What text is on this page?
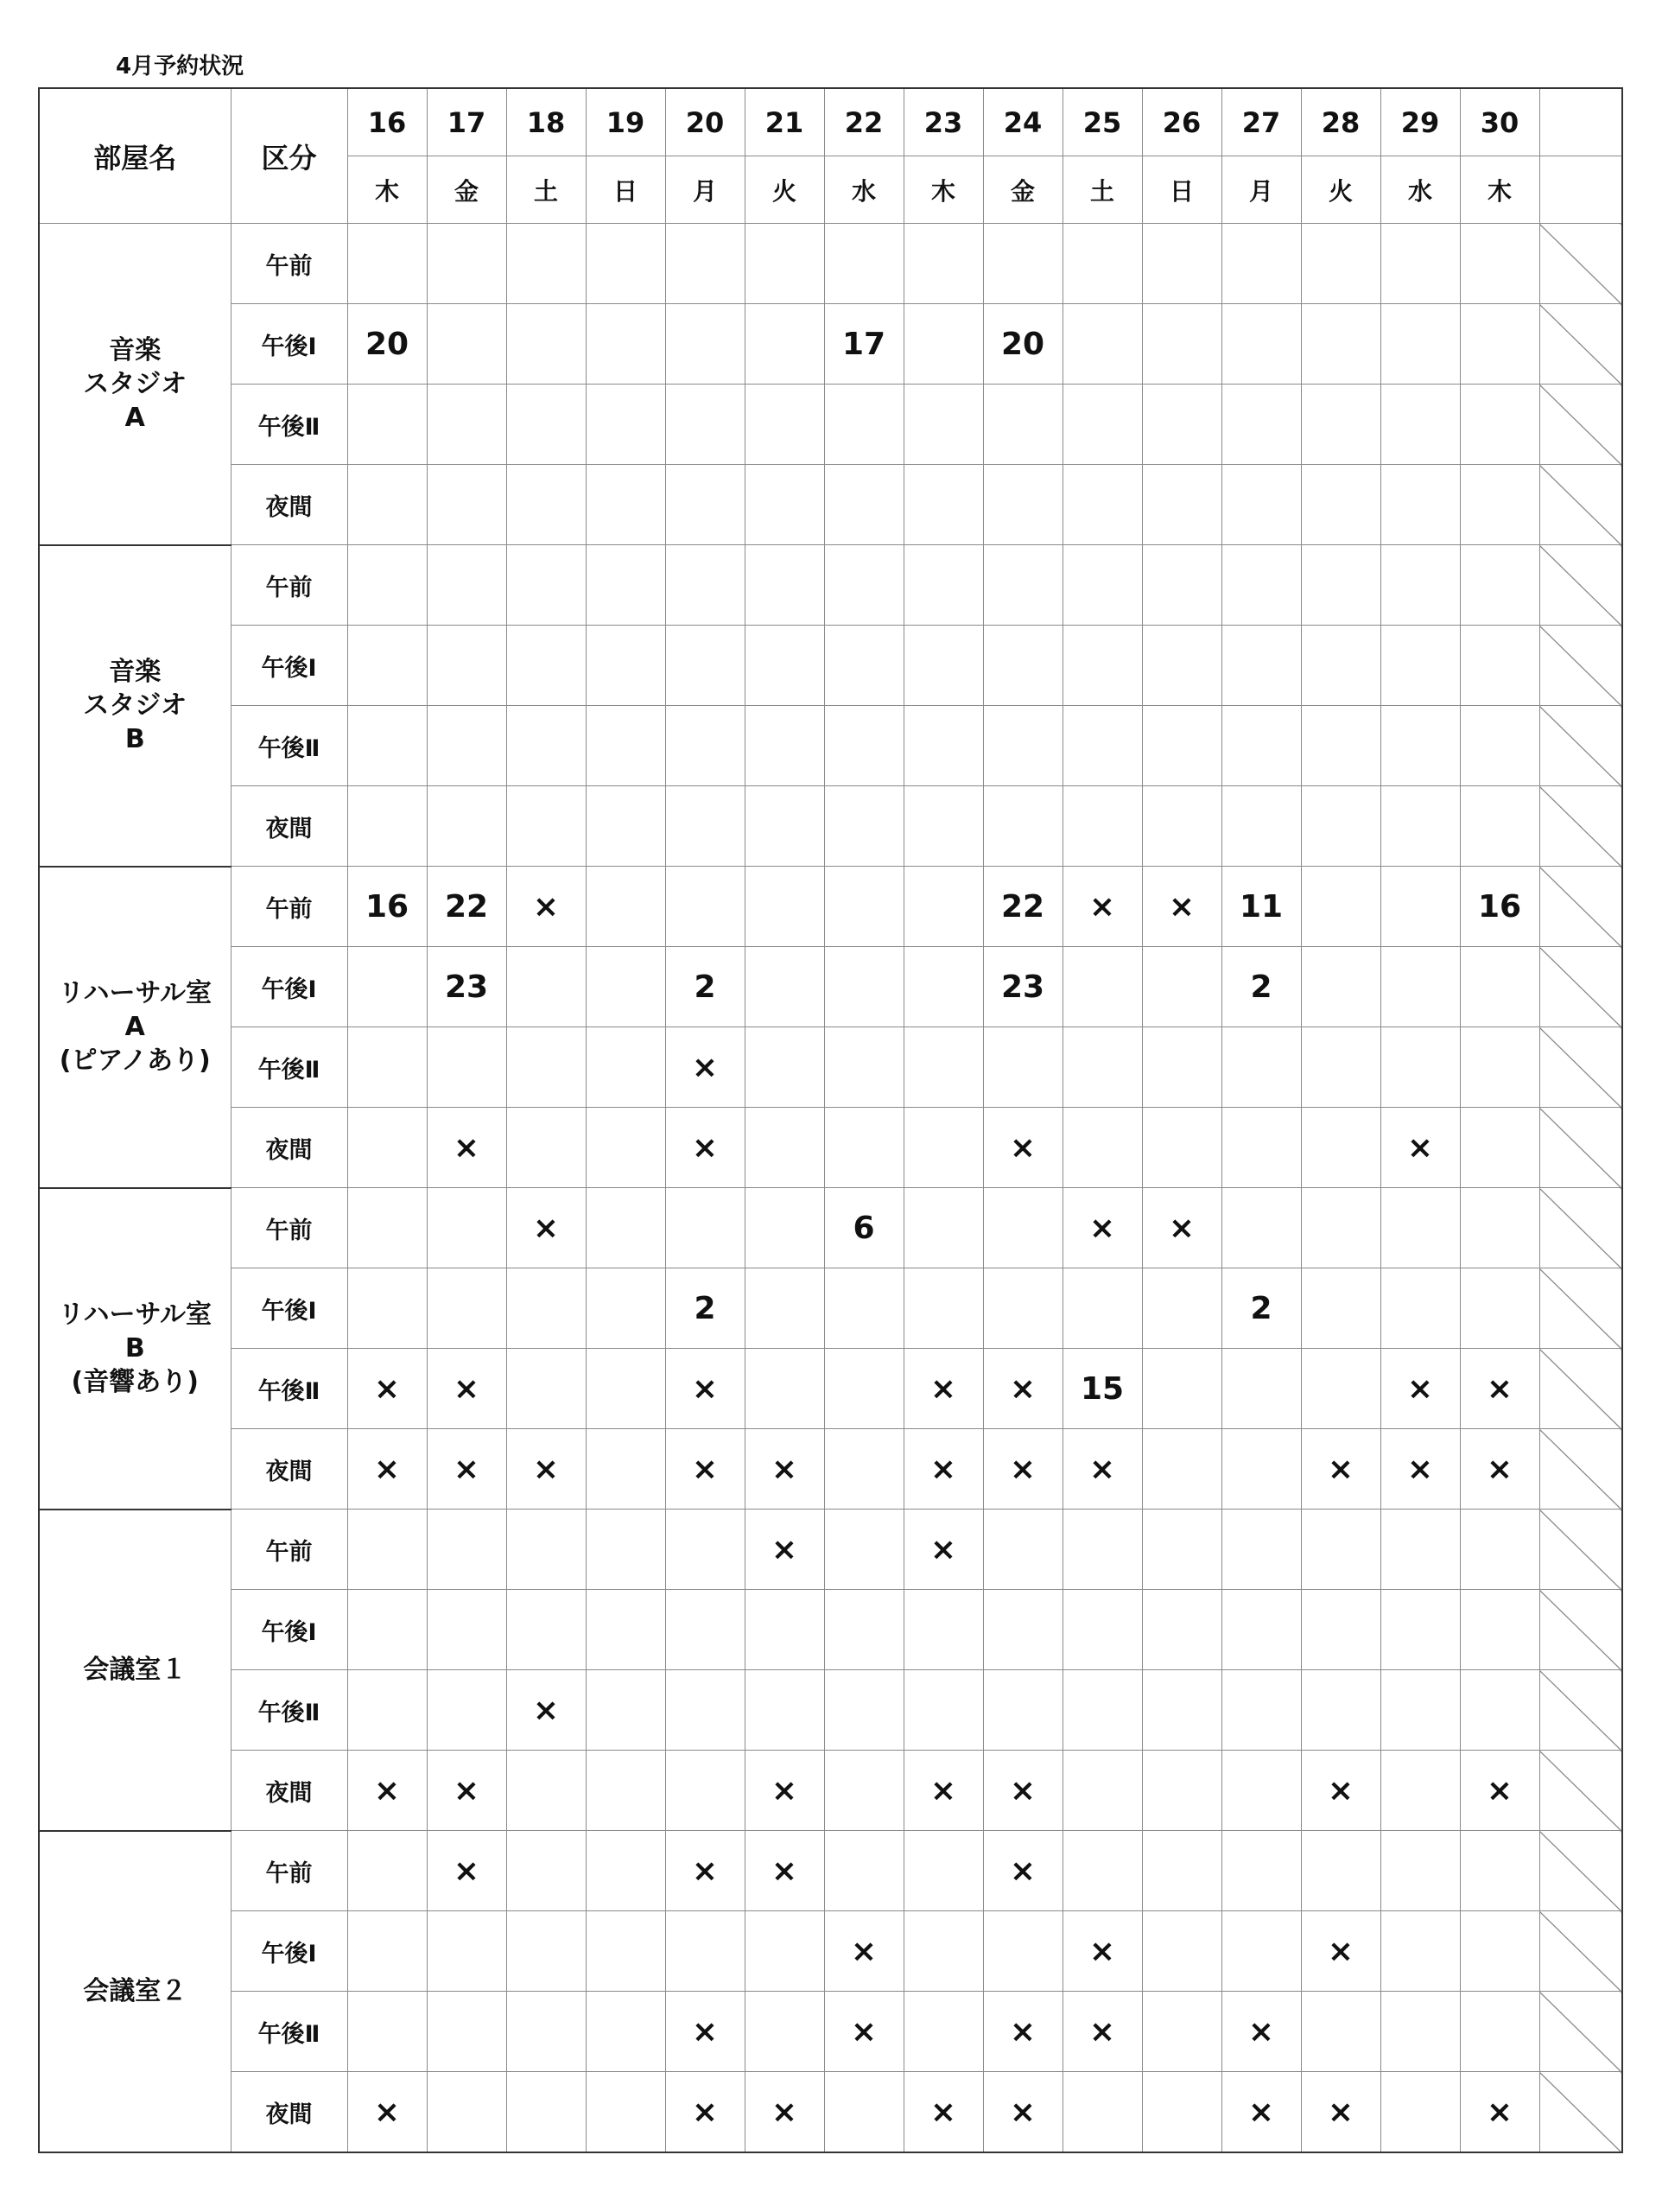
4月予約状況
部屋名	区分	16	17	18	19	20	21	22	23	24	25	26	27	28	29	30	
		木	金	土	日	月	火	水	木	金	土	日	月	火	水	木	
音楽
スタジオ
A	午前																
	午後Ⅰ	20						17		20							
	午後Ⅱ																
	夜間																
音楽
スタジオ
B	午前																
	午後Ⅰ																
	午後Ⅱ																
	夜間																
リハーサル室
A
(ピアノあり)	午前	16	22	×						22	×	×	11			16	
	午後Ⅰ		23			2				23			2				
	午後Ⅱ					×											
	夜間		×			×				×					×		
リハーサル室
B
(音響あり)	午前			×				6			×	×					
	午後Ⅰ					2							2				
	午後Ⅱ	×	×			×			×	×	15				×	×	
	夜間	×	×	×		×	×		×	×	×			×	×	×	
会議室１	午前						×		×								
	午後Ⅰ																
	午後Ⅱ			×													
	夜間	×	×				×		×	×				×		×	
会議室２	午前		×			×	×			×							
	午後Ⅰ							×			×			×			
	午後Ⅱ					×		×		×	×		×				
	夜間	×				×	×		×	×			×	×		×	
